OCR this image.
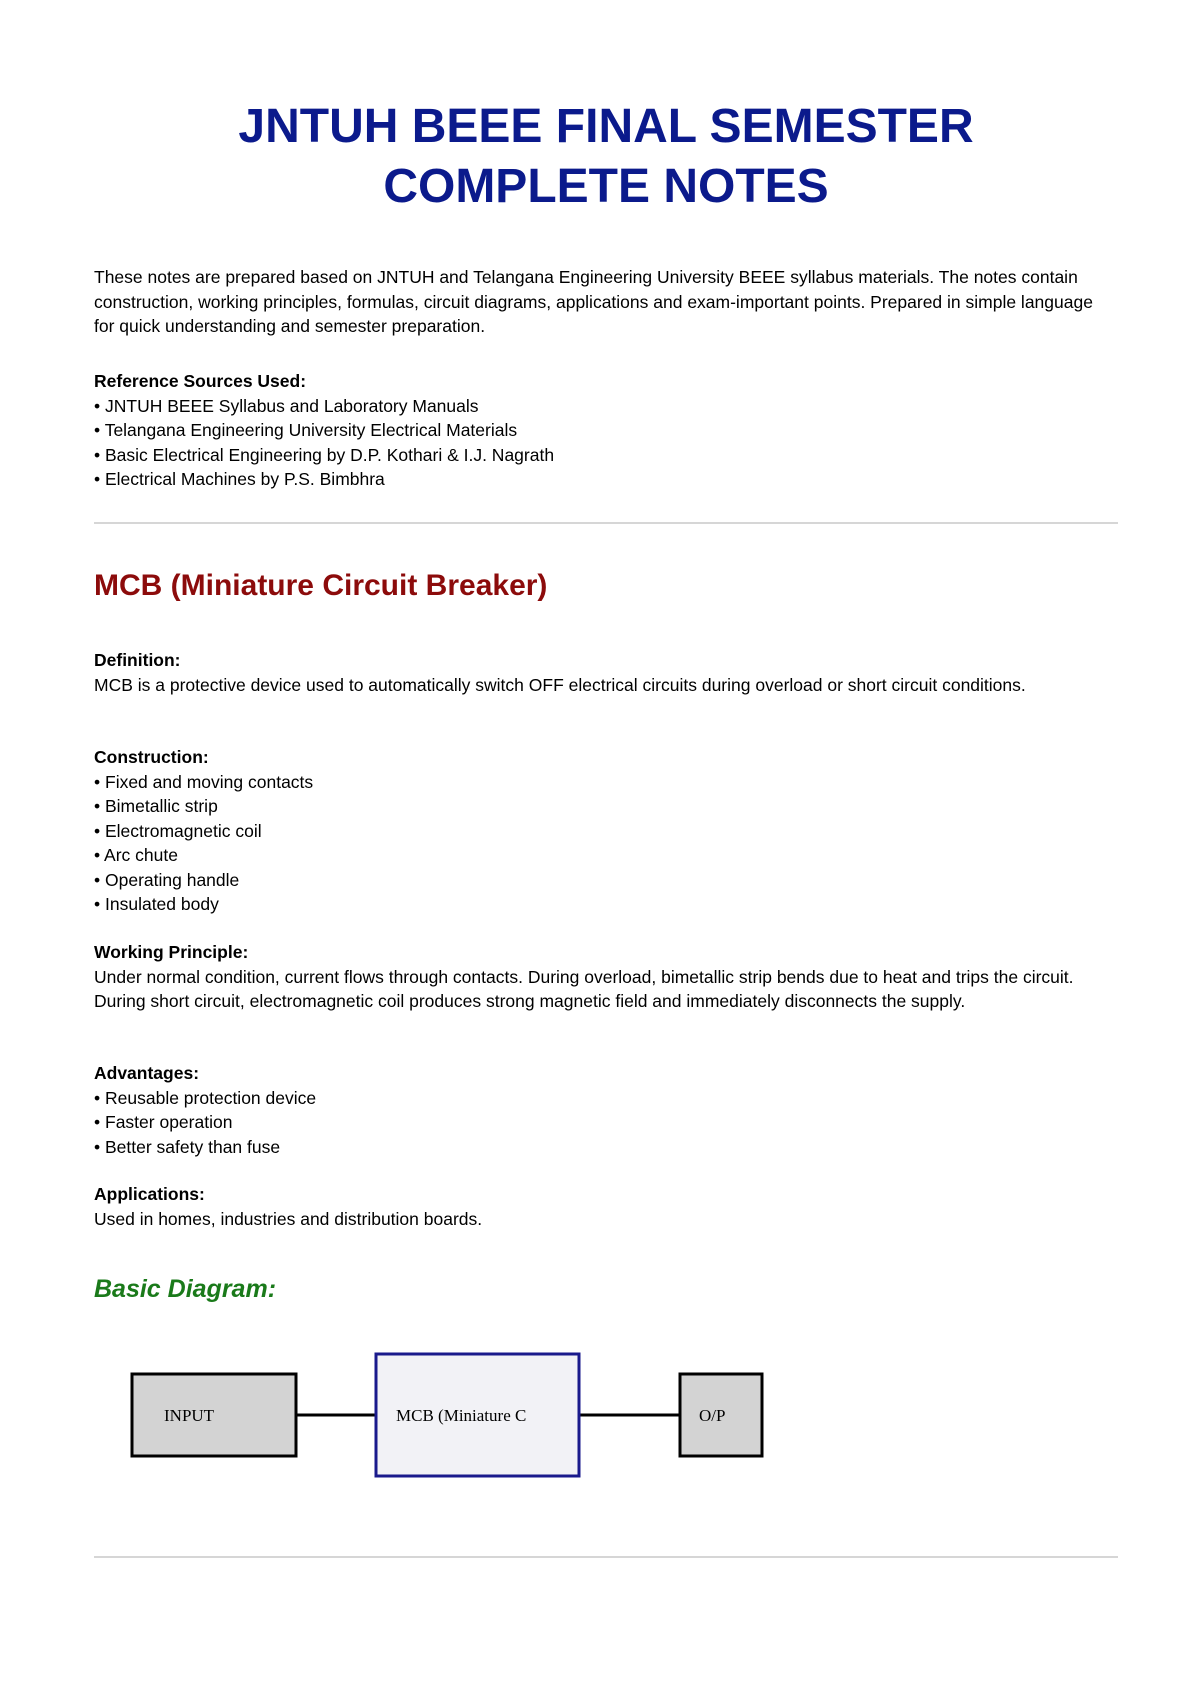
JNTUH BEEE FINAL SEMESTER
COMPLETE NOTES

These notes are prepared based on JNTUH and Telangana Engineering University BEEE syllabus materials. The notes contain construction, working principles, formulas, circuit diagrams, applications and exam-important points. Prepared in simple language for quick understanding and semester preparation.

Reference Sources Used:
• JNTUH BEEE Syllabus and Laboratory Manuals
• Telangana Engineering University Electrical Materials
• Basic Electrical Engineering by D.P. Kothari & I.J. Nagrath
• Electrical Machines by P.S. Bimbhra
MCB (Miniature Circuit Breaker)
Definition:

MCB is a protective device used to automatically switch OFF electrical circuits during overload or short circuit conditions.

Construction:
• Fixed and moving contacts
• Bimetallic strip
• Electromagnetic coil
• Arc chute
• Operating handle
• Insulated body
Working Principle:

Under normal condition, current flows through contacts. During overload, bimetallic strip bends due to heat and trips the circuit. During short circuit, electromagnetic coil produces strong magnetic field and immediately disconnects the supply.

Advantages:
• Reusable protection device
• Faster operation
• Better safety than fuse
Applications:

Used in homes, industries and distribution boards.

Basic Diagram:
INPUT	MCB (Miniature C	O/P
